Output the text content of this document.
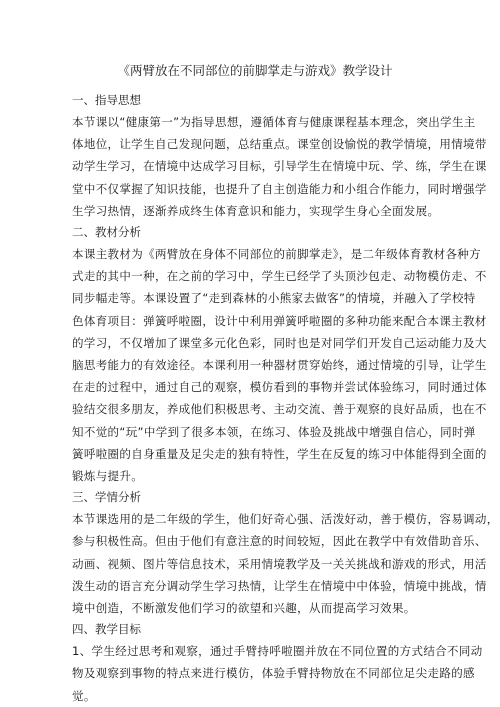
《两臂放在不同部位的前脚掌走与游戏》教学设计

一、指导思想

本节课以“健康第一”为指导思想，遵循体育与健康课程基本理念，突出学生主
体地位，让学生自己发现问题，总结重点。课堂创设愉悦的教学情境，用情境带
动学生学习，在情境中达成学习目标，引导学生在情境中玩、学、练，学生在课
堂中不仅掌握了知识技能，也提升了自主创造能力和小组合作能力，同时增强学
生学习热情，逐渐养成终生体育意识和能力，实现学生身心全面发展。

二、教材分析

本课主教材为《两臂放在身体不同部位的前脚掌走》，是二年级体育教材各种方
式走的其中一种，在之前的学习中，学生已经学了头顶沙包走、动物模仿走、不
同步幅走等。本课设置了“走到森林的小熊家去做客”的情境，并融入了学校特
色体育项目：弹簧呼啦圈，设计中利用弹簧呼啦圈的多种功能来配合本课主教材
的学习，不仅增加了课堂多元化色彩，同时也是对同学们开发自己运动能力及大
脑思考能力的有效途径。本课利用一种器材贯穿始终，通过情境的引导，让学生
在走的过程中，通过自己的观察，模仿看到的事物并尝试体验练习，同时通过体
验结交很多朋友，养成他们积极思考、主动交流、善于观察的良好品质，也在不
知不觉的“玩”中学到了很多本领，在练习、体验及挑战中增强自信心，同时弹
簧呼啦圈的自身重量及足尖走的独有特性，学生在反复的练习中体能得到全面的
锻炼与提升。

三、学情分析

本节课选用的是二年级的学生，他们好奇心强、活泼好动，善于模仿，容易调动，
参与积极性高。但由于他们有意注意的时间较短，因此在教学中有效借助音乐、
动画、视频、图片等信息技术，采用情境教学及一关关挑战和游戏的形式，用活
泼生动的语言充分调动学生学习热情，让学生在情境中中体验，情境中挑战，情
境中创造，不断激发他们学习的欲望和兴趣，从而提高学习效果。

四、教学目标

1、学生经过思考和观察，通过手臂持呼啦圈并放在不同位置的方式结合不同动
物及观察到事物的特点来进行模仿，体验手臂持物放在不同部位足尖走路的感
觉。
